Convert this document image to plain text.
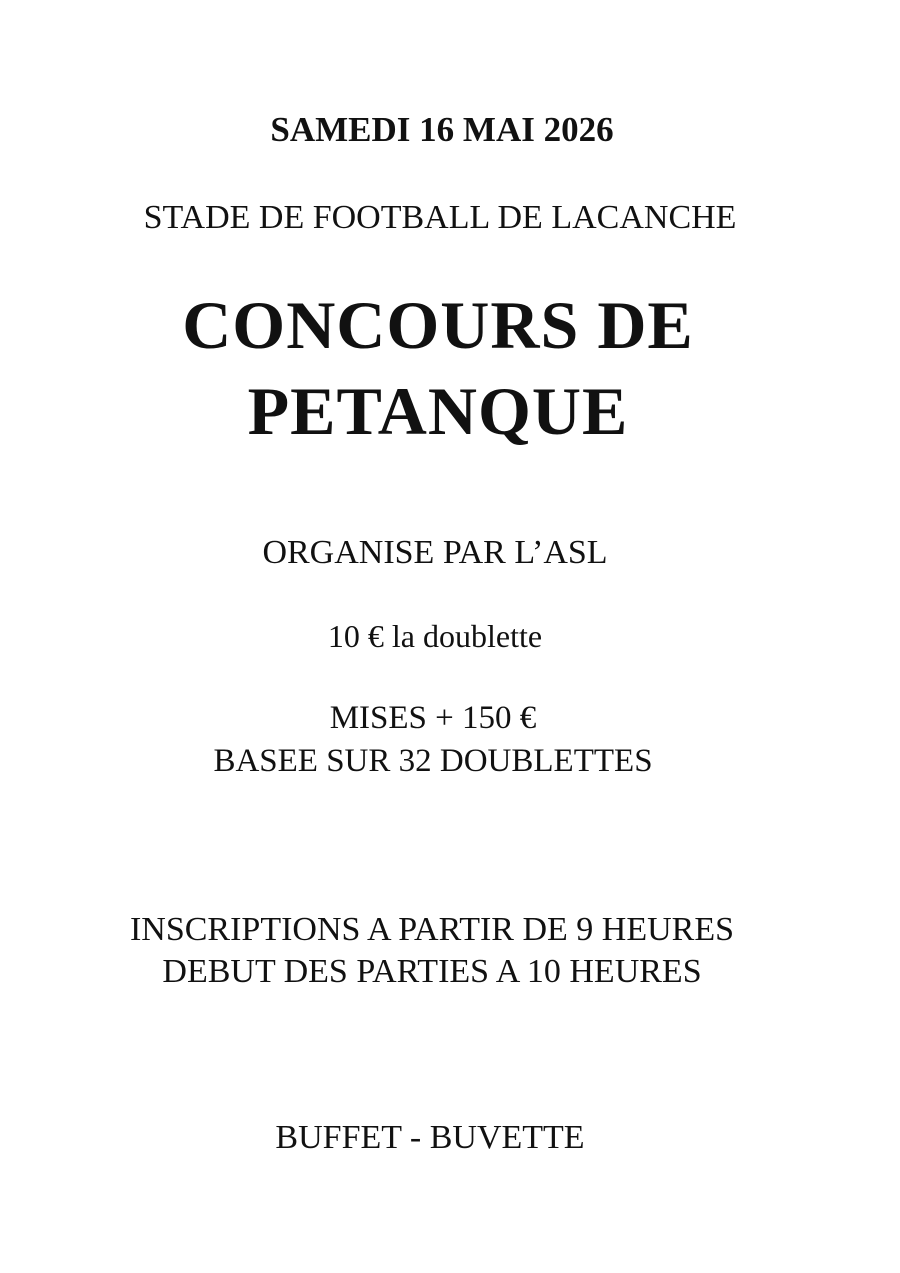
SAMEDI 16 MAI 2026
STADE DE FOOTBALL DE LACANCHE
CONCOURS DE
PETANQUE
ORGANISE PAR L’ASL
10 € la doublette
MISES + 150 €
BASEE SUR 32 DOUBLETTES
INSCRIPTIONS A PARTIR DE 9 HEURES
DEBUT DES PARTIES A 10 HEURES
BUFFET - BUVETTE
